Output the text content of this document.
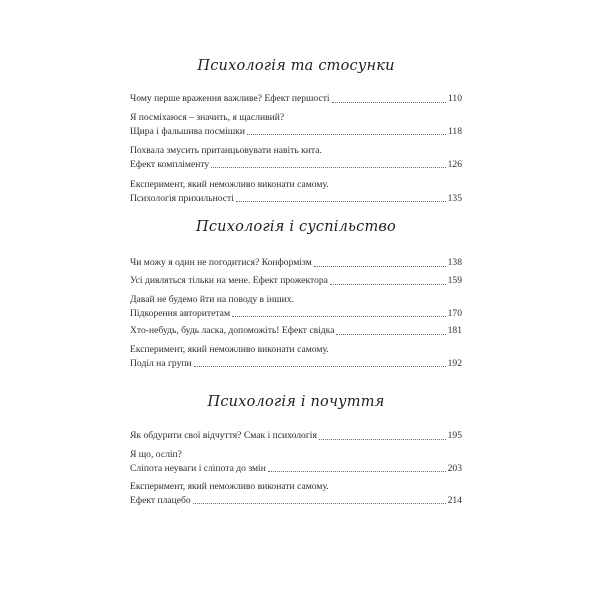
Психологія та стосунки
Чому перше враження важливе? Ефект першості	110
Я посміхаюся – значить, я щасливий?
Щира і фальшива посмішки	118
Похвала змусить пританцьовувати навіть кита.
Ефект компліменту	126
Експеримент, який неможливо виконати самому.
Психологія прихильності	135
Психологія і суспільство
Чи можу я один не погодитися? Конформізм	138
Усі дивляться тільки на мене. Ефект прожектора	159
Давай не будемо йти на поводу в інших.
Підкорення авторитетам	170
Хто-небудь, будь ласка, допоможіть! Ефект свідка	181
Експеримент, який неможливо виконати самому.
Поділ на групи	192
Психологія і почуття
Як обдурити свої відчуття? Смак і психологія	195
Я що, осліп?
Сліпота неуваги і сліпота до змін	203
Експеримент, який неможливо виконати самому.
Ефект плацебо	214
